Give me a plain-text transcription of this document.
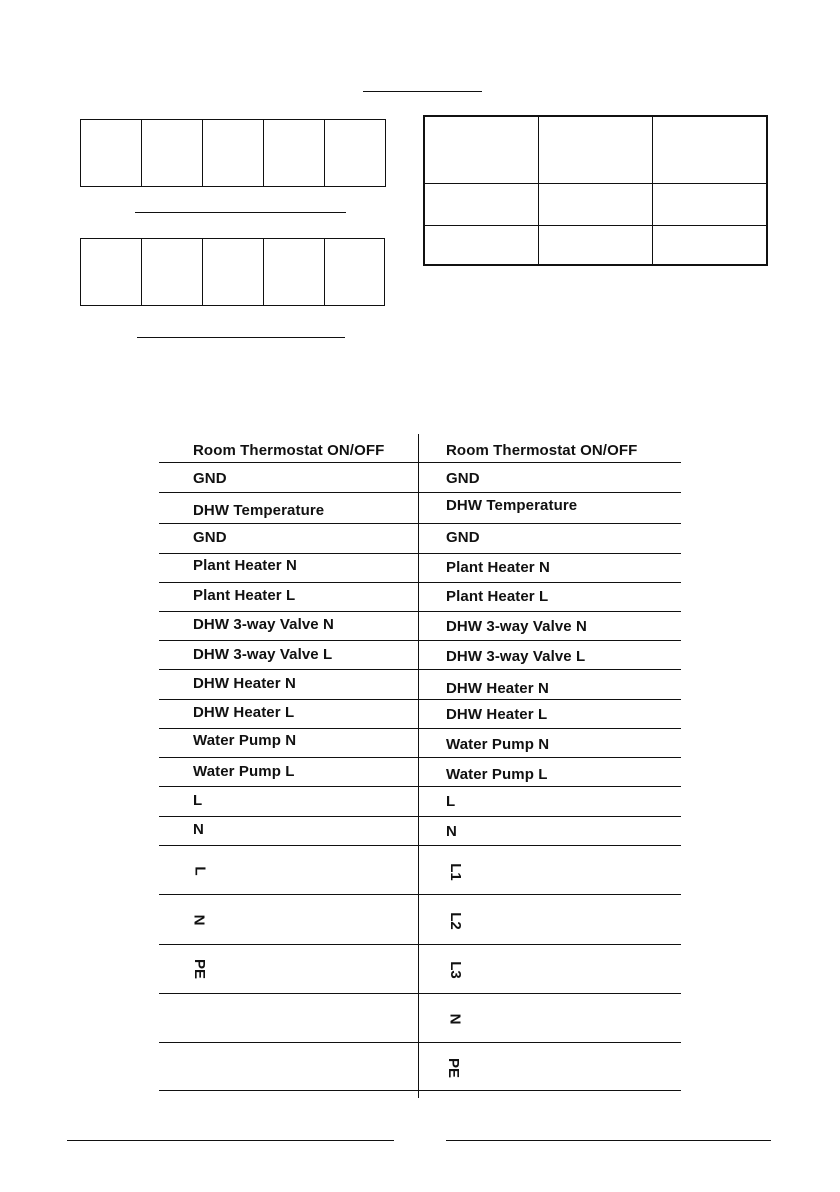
Room Thermostat ON/OFF
GND
DHW Temperature
GND
Plant Heater N
Plant Heater L
DHW 3-way Valve N
DHW 3-way Valve L
DHW Heater N
DHW Heater L
Water Pump N
Water Pump L
L
N
Room Thermostat ON/OFF
GND
DHW Temperature
GND
Plant Heater N
Plant Heater L
DHW 3-way Valve N
DHW 3-way Valve L
DHW Heater N
DHW Heater L
Water Pump N
Water Pump L
L
N
L
N
PE
L1
L2
L3
N
PE
